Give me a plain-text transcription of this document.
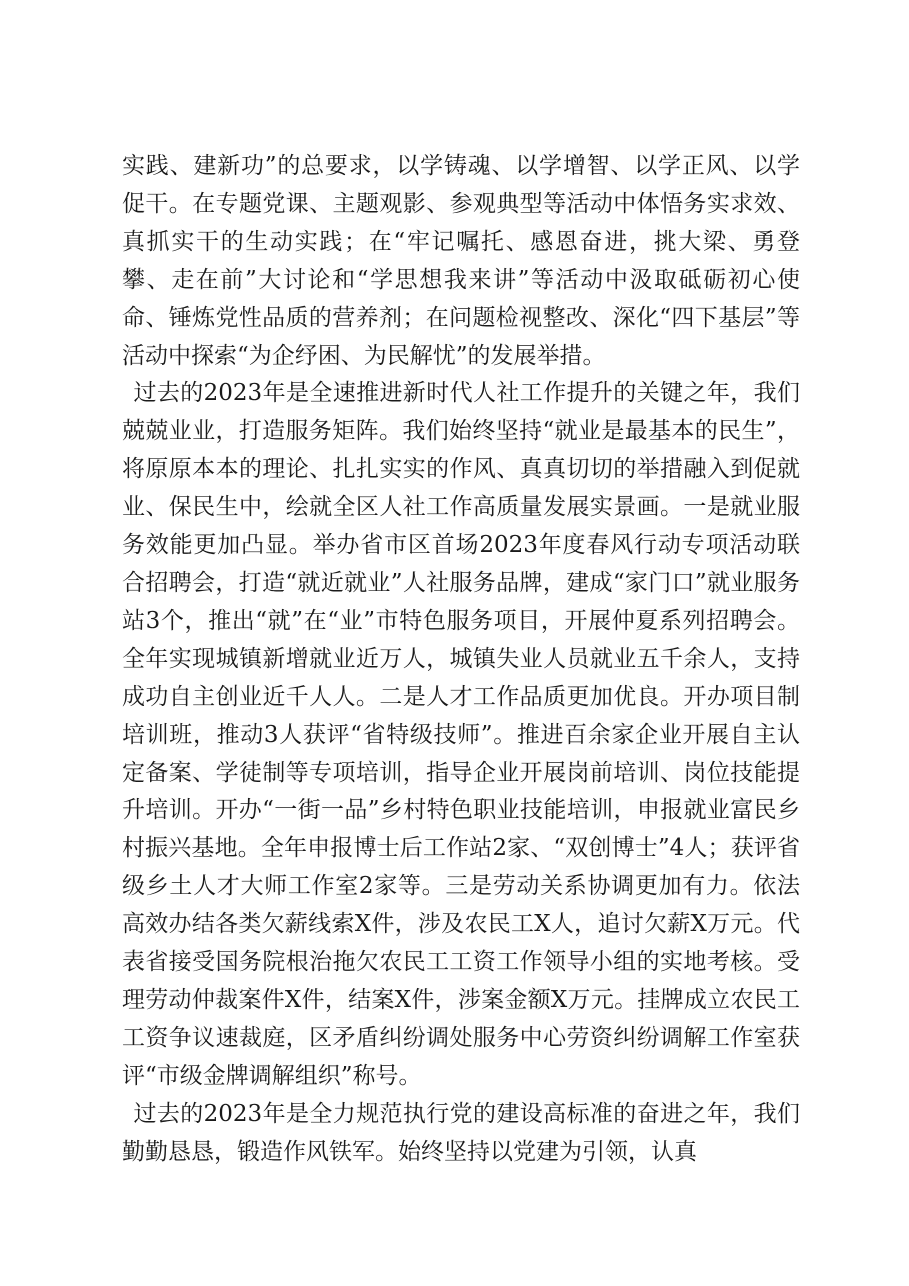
实践、建新功”的总要求，以学铸魂、以学增智、以学正风、以学促干。在专题党课、主题观影、参观典型等活动中体悟务实求效、真抓实干的生动实践；在“牢记嘱托、感恩奋进，挑大梁、勇登攀、走在前”大讨论和“学思想我来讲”等活动中汲取砥砺初心使命、锤炼党性品质的营养剂；在问题检视整改、深化“四下基层”等活动中探索“为企纾困、为民解忧”的发展举措。

过去的2023年是全速推进新时代人社工作提升的关键之年，我们兢兢业业，打造服务矩阵。我们始终坚持“就业是最基本的民生”，将原原本本的理论、扎扎实实的作风、真真切切的举措融入到促就业、保民生中，绘就全区人社工作高质量发展实景画。一是就业服务效能更加凸显。举办省市区首场2023年度春风行动专项活动联合招聘会，打造“就近就业”人社服务品牌，建成“家门口”就业服务站3个，推出“就”在“业”市特色服务项目，开展仲夏系列招聘会。全年实现城镇新增就业近万人，城镇失业人员就业五千余人，支持成功自主创业近千人人。二是人才工作品质更加优良。开办项目制培训班，推动3人获评“省特级技师”。推进百余家企业开展自主认定备案、学徒制等专项培训，指导企业开展岗前培训、岗位技能提升培训。开办“一街一品”乡村特色职业技能培训，申报就业富民乡村振兴基地。全年申报博士后工作站2家、“双创博士”4人；获评省级乡土人才大师工作室2家等。三是劳动关系协调更加有力。依法高效办结各类欠薪线索X件，涉及农民工X人，追讨欠薪X万元。代表省接受国务院根治拖欠农民工工资工作领导小组的实地考核。受理劳动仲裁案件X件，结案X件，涉案金额X万元。挂牌成立农民工工资争议速裁庭，区矛盾纠纷调处服务中心劳资纠纷调解工作室获评“市级金牌调解组织”称号。

过去的2023年是全力规范执行党的建设高标准的奋进之年，我们勤勤恳恳，锻造作风铁军。始终坚持以党建为引领，认真
